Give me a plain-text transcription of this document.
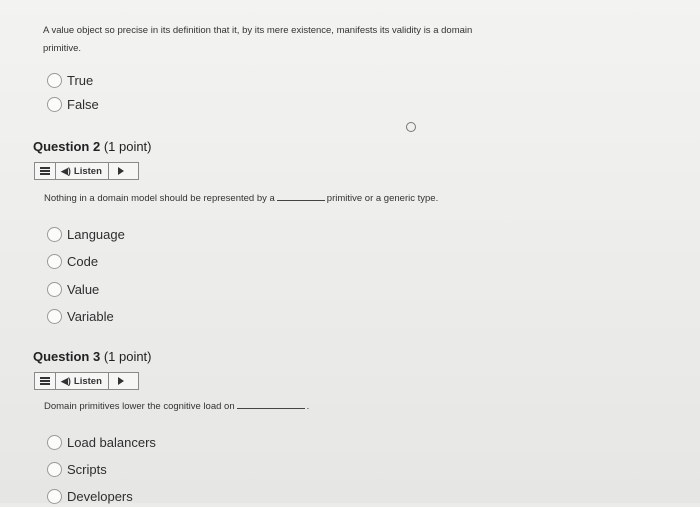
A value object so precise in its definition that it, by its mere existence, manifests its validity is a domain
primitive.
True
False
Question 2 (1 point)
◀) Listen
Nothing in a domain model should be represented by a	primitive or a generic type.
Language
Code
Value
Variable
Question 3 (1 point)
◀) Listen
Domain primitives lower the cognitive load on	.
Load balancers
Scripts
Developers
